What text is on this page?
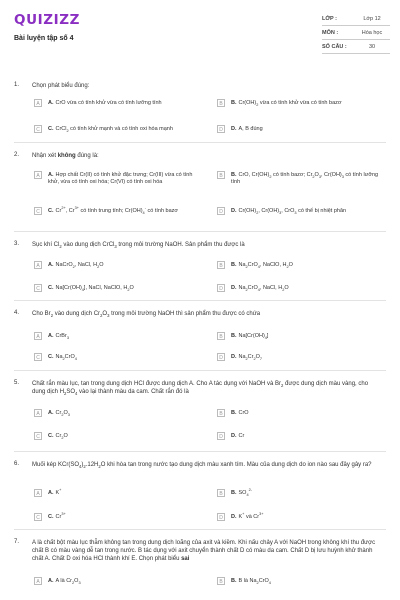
QUIZIZZ
Bài luyện tập số 4
LỚP :	Lớp 12
MÔN :	Hóa học
SỐ CÂU :	30
1. Chọn phát biểu đúng:
A	A. CrO vừa có tính khử vừa có tính lưỡng tính	B	B. $Cr(OH)_2$ vừa có tính khử vừa có tính bazơ
C	C. CrCl$_2$ có tính khử mạnh và có tính oxi hóa mạnh	D	D. A, B đúng
2. Nhận xét không đúng là:
A	A. Hợp chất Cr(II) có tính khử đặc trưng; Cr(III) vừa có tính khử, vừa có tính oxi hóa; Cr(VI) có tính oxi hóa
B	B. CrO, $Cr(OH)_2$ có tính bazơ; $Cr_2O_3$, $Cr(OH)_3$ có tính lưỡng tính
C	C. $Cr^{2+}$, $Cr^{3+}$ có tính trung tính; $Cr(OH)_4^-$ có tính bazơ	D	D. $Cr(OH)_2$, $Cr(OH)_3$, CrO$_3$ có thể bị nhiệt phân
3. Sục khí $Cl_2$ vào dung dịch CrCl$_3$ trong môi trường NaOH. Sản phẩm thu được là
A	A. NaCrO$_2$, NaCl, $H_2O$	B	B. $Na_2CrO_4$, NaClO, $H_2O$
C	C. $Na[Cr(OH)_4]$, NaCl, NaClO, $H_2O$	D	D. $Na_2CrO_4$, NaCl, $H_2O$
4. Cho $Br_2$ vào dung dịch $Cr_2O_3$ trong môi trường NaOH thì sản phẩm thu được có chứa
A	A. CrBr$_3$	B	B. $Na[Cr(OH)_4]$
C	C. $Na_2CrO_4$	D	D. $Na_2Cr_2O_7$
5. Chất rắn màu lục, tan trong dung dịch HCl được dung dịch A. Cho A tác dụng với NaOH và $Br_2$ được dung dịch màu vàng, cho dung dịch $H_2SO_4$ vào lại thành màu da cam. Chất rắn đó là
A	A. $Cr_2O_3$	B	B. CrO
C	C. $Cr_2O$	D	D. Cr
6. Muối kép $KCr(SO_4)_2.12H_2O$ khi hòa tan trong nước tạo dung dịch màu xanh tím. Màu của dung dịch do ion nào sau đây gây ra?
A	A. K+
B	B. $SO_4^{2-}$
C	C. $Cr^{3+}$
D	D. K+ và $Cr^{3+}$
7. A là chất bột màu lục thẫm không tan trong dung dịch loãng của axit và kiềm. Khi nấu chảy A với NaOH trong không khí thu được chất B có màu vàng dễ tan trong nước. B tác dụng với axit chuyển thành chất D có màu da cam. Chất D bị lưu huỳnh khử thành chất A. Chất D oxi hóa HCl thành khí E. Chọn phát biểu sai
A	A. A là $Cr_2O_3$	B	B. B là $Na_2CrO_4$
